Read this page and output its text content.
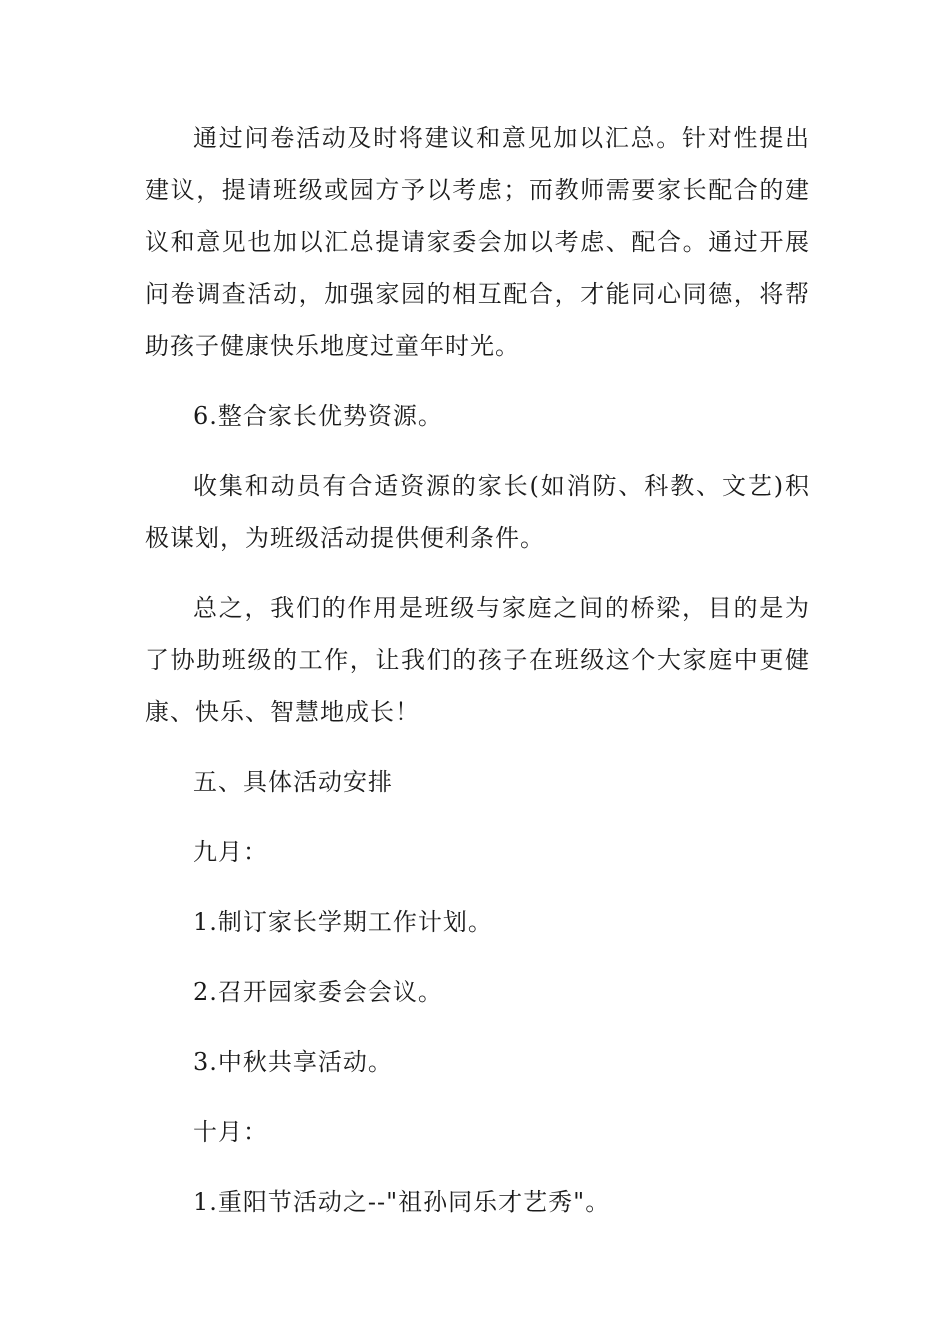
通过问卷活动及时将建议和意见加以汇总。针对性提出建议，提请班级或园方予以考虑；而教师需要家长配合的建议和意见也加以汇总提请家委会加以考虑、配合。通过开展问卷调查活动，加强家园的相互配合，才能同心同德，将帮助孩子健康快乐地度过童年时光。

6.整合家长优势资源。

收集和动员有合适资源的家长(如消防、科教、文艺)积极谋划，为班级活动提供便利条件。

总之，我们的作用是班级与家庭之间的桥梁，目的是为了协助班级的工作，让我们的孩子在班级这个大家庭中更健康、快乐、智慧地成长！

五、具体活动安排

九月：

1.制订家长学期工作计划。

2.召开园家委会会议。

3.中秋共享活动。

十月：

1.重阳节活动之--"祖孙同乐才艺秀"。
